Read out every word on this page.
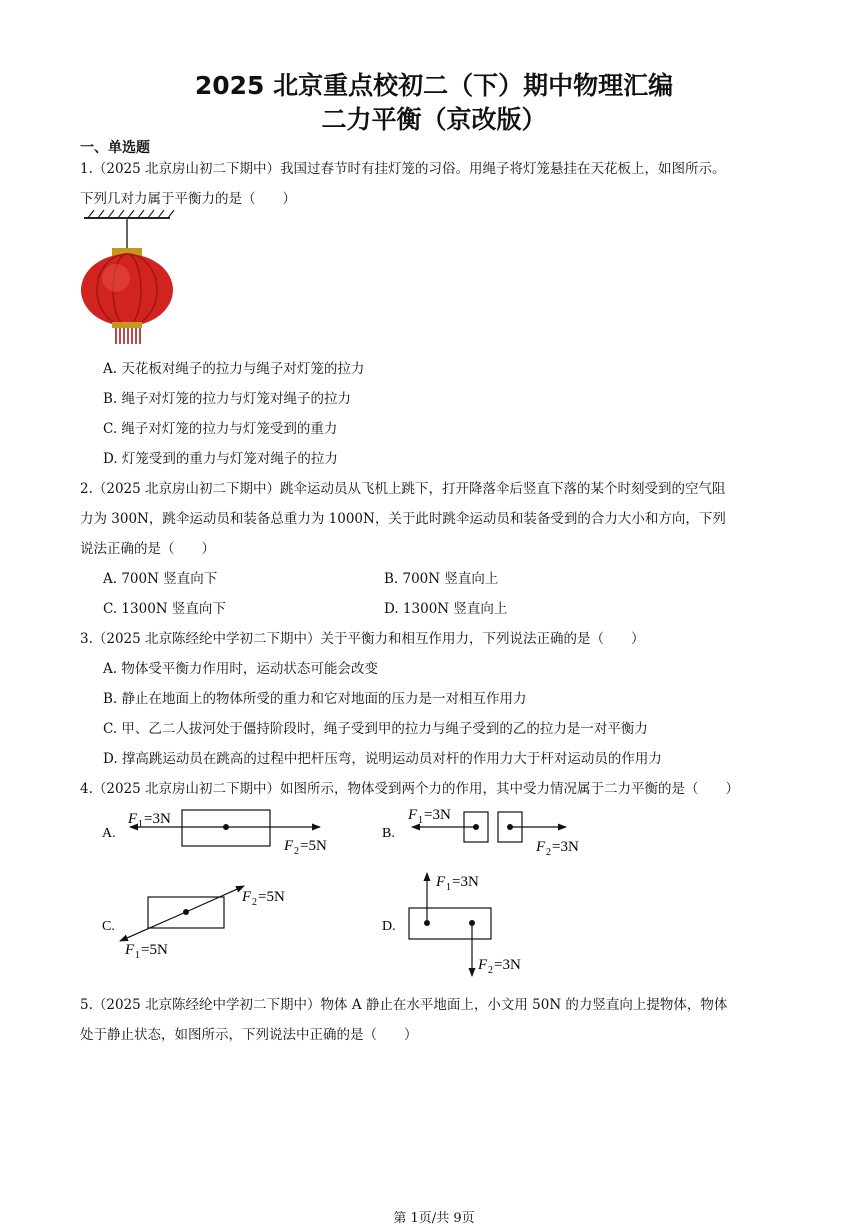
2025 北京重点校初二（下）期中物理汇编
二力平衡（京改版）
一、单选题
1.（2025 北京房山初二下期中）我国过春节时有挂灯笼的习俗。用绳子将灯笼悬挂在天花板上，如图所示。
下列几对力属于平衡力的是（　　）
A. 天花板对绳子的拉力与绳子对灯笼的拉力
B. 绳子对灯笼的拉力与灯笼对绳子的拉力
C. 绳子对灯笼的拉力与灯笼受到的重力
D. 灯笼受到的重力与灯笼对绳子的拉力
2.（2025 北京房山初二下期中）跳伞运动员从飞机上跳下，打开降落伞后竖直下落的某个时刻受到的空气阻
力为 300N，跳伞运动员和装备总重力为 1000N，关于此时跳伞运动员和装备受到的合力大小和方向，下列
说法正确的是（　　）
A. 700N 竖直向下	B. 700N 竖直向上
C. 1300N 竖直向下	D. 1300N 竖直向上
3.（2025 北京陈经纶中学初二下期中）关于平衡力和相互作用力，下列说法正确的是（　　）
A. 物体受平衡力作用时，运动状态可能会改变
B. 静止在地面上的物体所受的重力和它对地面的压力是一对相互作用力
C. 甲、乙二人拔河处于僵持阶段时，绳子受到甲的拉力与绳子受到的乙的拉力是一对平衡力
D. 撑高跳运动员在跳高的过程中把杆压弯，说明运动员对杆的作用力大于杆对运动员的作用力
4.（2025 北京房山初二下期中）如图所示，物体受到两个力的作用，其中受力情况属于二力平衡的是（　　）
A.
F 1 =3N
F 2 =5N
B.
F 1 =3N
F 2 =3N
C.
F 2 =5N
F 1 =5N
D.
F 1 =3N
F 2 =3N
5.（2025 北京陈经纶中学初二下期中）物体 A 静止在水平地面上，小文用 50N 的力竖直向上提物体，物体
处于静止状态，如图所示，下列说法中正确的是（　　）
第 1页/共 9页
